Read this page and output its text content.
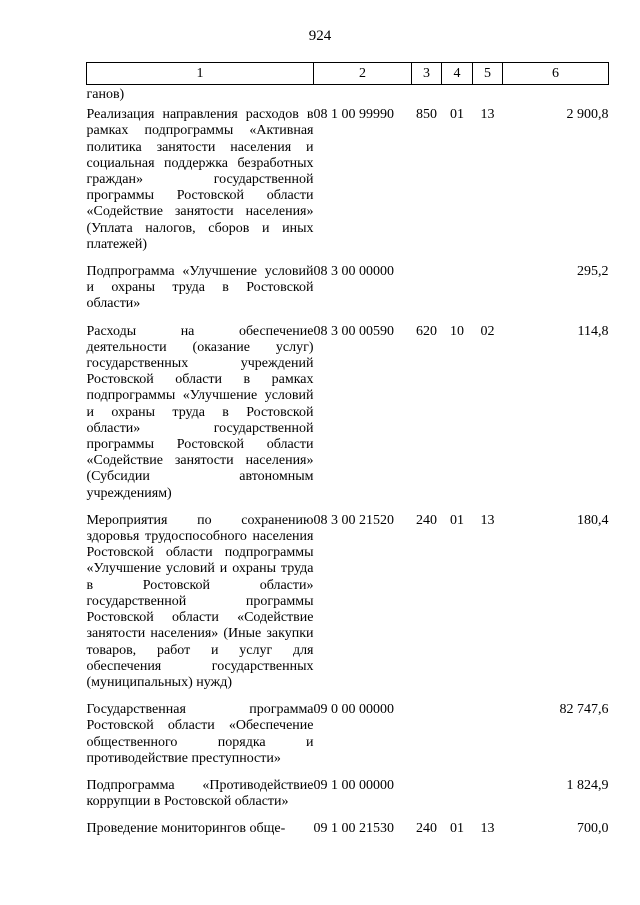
924
1	2	3	4	5	6
ганов)					
Реализация направления расходов в рамках подпрограммы «Активная политика занятости населения и социальная поддержка безработных граждан» государственной программы Ростовской области «Содействие занятости населения» (Уплата налогов, сборов и иных платежей)	08 1 00 99990	850	01	13	2 900,8
Подпрограмма «Улучшение условий и охраны труда в Ростовской области»	08 3 00 00000				295,2
Расходы на обеспечение деятельности (оказание услуг) государственных учреждений Ростовской области в рамках подпрограммы «Улучшение условий и охраны труда в Ростовской области» государственной программы Ростовской области «Содействие занятости населения» (Субсидии автономным учреждениям)	08 3 00 00590	620	10	02	114,8
Мероприятия по сохранению здоровья трудоспособного населения Ростовской области подпрограммы «Улучшение условий и охраны труда в Ростовской области» государственной программы Ростовской области «Содействие занятости населения» (Иные закупки товаров, работ и услуг для обеспечения государственных (муниципальных) нужд)	08 3 00 21520	240	01	13	180,4
Государственная программа Ростовской области «Обеспечение общественного порядка и противодействие преступности»	09 0 00 00000				82 747,6
Подпрограмма «Противодействие коррупции в Ростовской области»	09 1 00 00000				1 824,9
Проведение мониторингов обще-	09 1 00 21530	240	01	13	700,0
